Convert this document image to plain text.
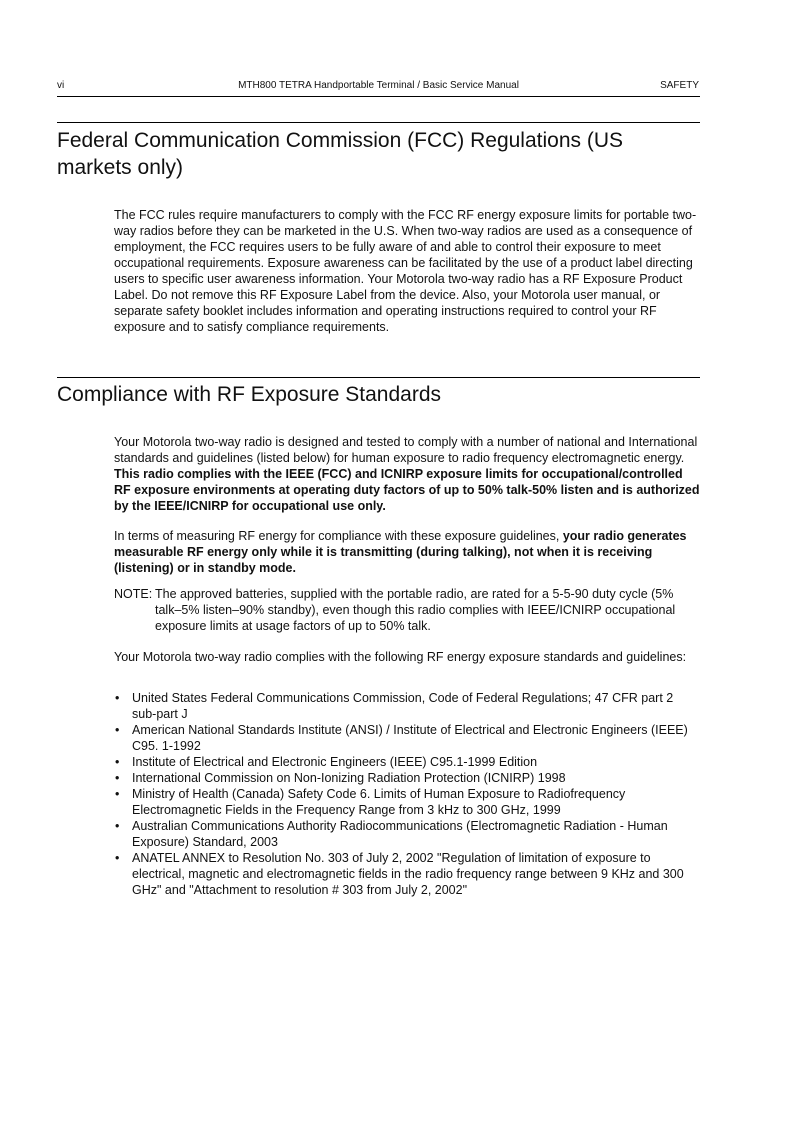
vi	MTH800 TETRA Handportable Terminal / Basic Service Manual	SAFETY
Federal Communication Commission (FCC) Regulations (US markets only)

The FCC rules require manufacturers to comply with the FCC RF energy exposure limits for portable two-way radios before they can be marketed in the U.S. When two-way radios are used as a consequence of employment, the FCC requires users to be fully aware of and able to control their exposure to meet occupational requirements. Exposure awareness can be facilitated by the use of a product label directing users to specific user awareness information. Your Motorola two-way radio has a RF Exposure Product Label. Do not remove this RF Exposure Label from the device. Also, your Motorola user manual, or separate safety booklet includes information and operating instructions required to control your RF exposure and to satisfy compliance requirements.

Compliance with RF Exposure Standards

Your Motorola two-way radio is designed and tested to comply with a number of national and International standards and guidelines (listed below) for human exposure to radio frequency electromagnetic energy. This radio complies with the IEEE (FCC) and ICNIRP exposure limits for occupational/controlled RF exposure environments at operating duty factors of up to 50% talk-50% listen and is authorized by the IEEE/ICNIRP for occupational use only.

In terms of measuring RF energy for compliance with these exposure guidelines, your radio generates measurable RF energy only while it is transmitting (during talking), not when it is receiving (listening) or in standby mode.

NOTE: The approved batteries, supplied with the portable radio, are rated for a 5-5-90 duty cycle (5% talk–5% listen–90% standby), even though this radio complies with IEEE/ICNIRP occupational exposure limits at usage factors of up to 50% talk.

Your Motorola two-way radio complies with the following RF energy exposure standards and guidelines:

• United States Federal Communications Commission, Code of Federal Regulations; 47 CFR part 2 sub-part J
• American National Standards Institute (ANSI) / Institute of Electrical and Electronic Engineers (IEEE) C95. 1-1992
• Institute of Electrical and Electronic Engineers (IEEE) C95.1-1999 Edition
• International Commission on Non-Ionizing Radiation Protection (ICNIRP) 1998
• Ministry of Health (Canada) Safety Code 6. Limits of Human Exposure to Radiofrequency Electromagnetic Fields in the Frequency Range from 3 kHz to 300 GHz, 1999
• Australian Communications Authority Radiocommunications (Electromagnetic Radiation - Human Exposure) Standard, 2003
• ANATEL ANNEX to Resolution No. 303 of July 2, 2002 "Regulation of limitation of exposure to electrical, magnetic and electromagnetic fields in the radio frequency range between 9 KHz and 300 GHz" and "Attachment to resolution # 303 from July 2, 2002"
